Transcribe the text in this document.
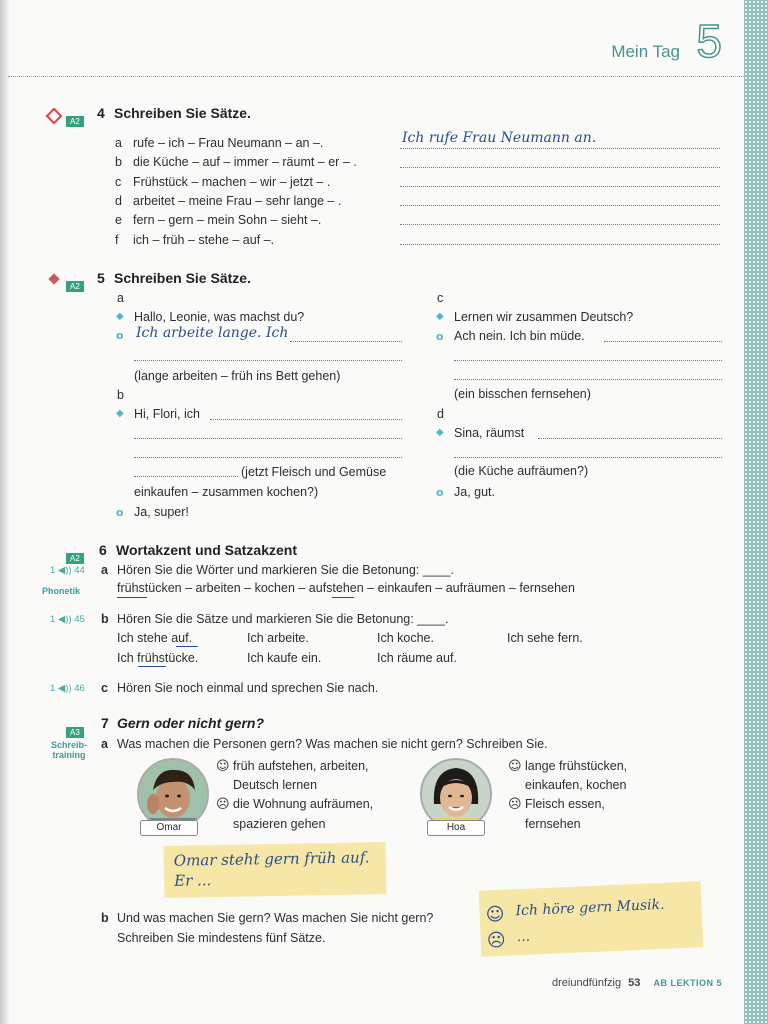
Mein Tag 5
A2
4 Schreiben Sie Sätze.
a rufe – ich – Frau Neumann – an –.
b die Küche – auf – immer – räumt – er – .
c Frühstück – machen – wir – jetzt – .
d arbeitet – meine Frau – sehr lange – .
e fern – gern – mein Sohn – sieht –.
f ich – früh – stehe – auf –.
Ich rufe Frau Neumann an.
A2
5 Schreiben Sie Sätze.
a
◆ Hallo, Leonie, was machst du?
o Ich arbeite lange. Ich
(lange arbeiten – früh ins Bett gehen)
b
◆ Hi, Flori, ich
(jetzt Fleisch und Gemüse
einkaufen – zusammen kochen?)
o Ja, super!
c
◆ Lernen wir zusammen Deutsch?
o Ach nein. Ich bin müde.
(ein bisschen fernsehen)
d
◆ Sina, räumst
(die Küche aufräumen?)
o Ja, gut.
A2
6 Wortakzent und Satzakzent
1 ◀)) 44
Phonetik
a Hören Sie die Wörter und markieren Sie die Betonung: ____.
frühstücken – arbeiten – kochen – aufstehen – einkaufen – aufräumen – fernsehen
1 ◀)) 45 b Hören Sie die Sätze und markieren Sie die Betonung: ____.
Ich stehe auf.	Ich arbeite.	Ich koche.	Ich sehe fern.
Ich frühstücke.	Ich kaufe ein.	Ich räume auf.
1 ◀)) 46 c Hören Sie noch einmal und sprechen Sie nach.
A3
7 Gern oder nicht gern?
Schreib-
training
a Was machen die Personen gern? Was machen sie nicht gern? Schreiben Sie.
Omar
☺ früh aufstehen, arbeiten,
Deutsch lernen
☹ die Wohnung aufräumen,
spazieren gehen	Hoa
☺ lange frühstücken,
einkaufen, kochen
☹ Fleisch essen,
fernsehen
Omar steht gern früh auf.
Er ...
b Und was machen Sie gern? Was machen Sie nicht gern?
Schreiben Sie mindestens fünf Sätze.
☺ Ich höre gern Musik.
☹ ...
dreiundfünfzig 53 AB LEKTION 5
